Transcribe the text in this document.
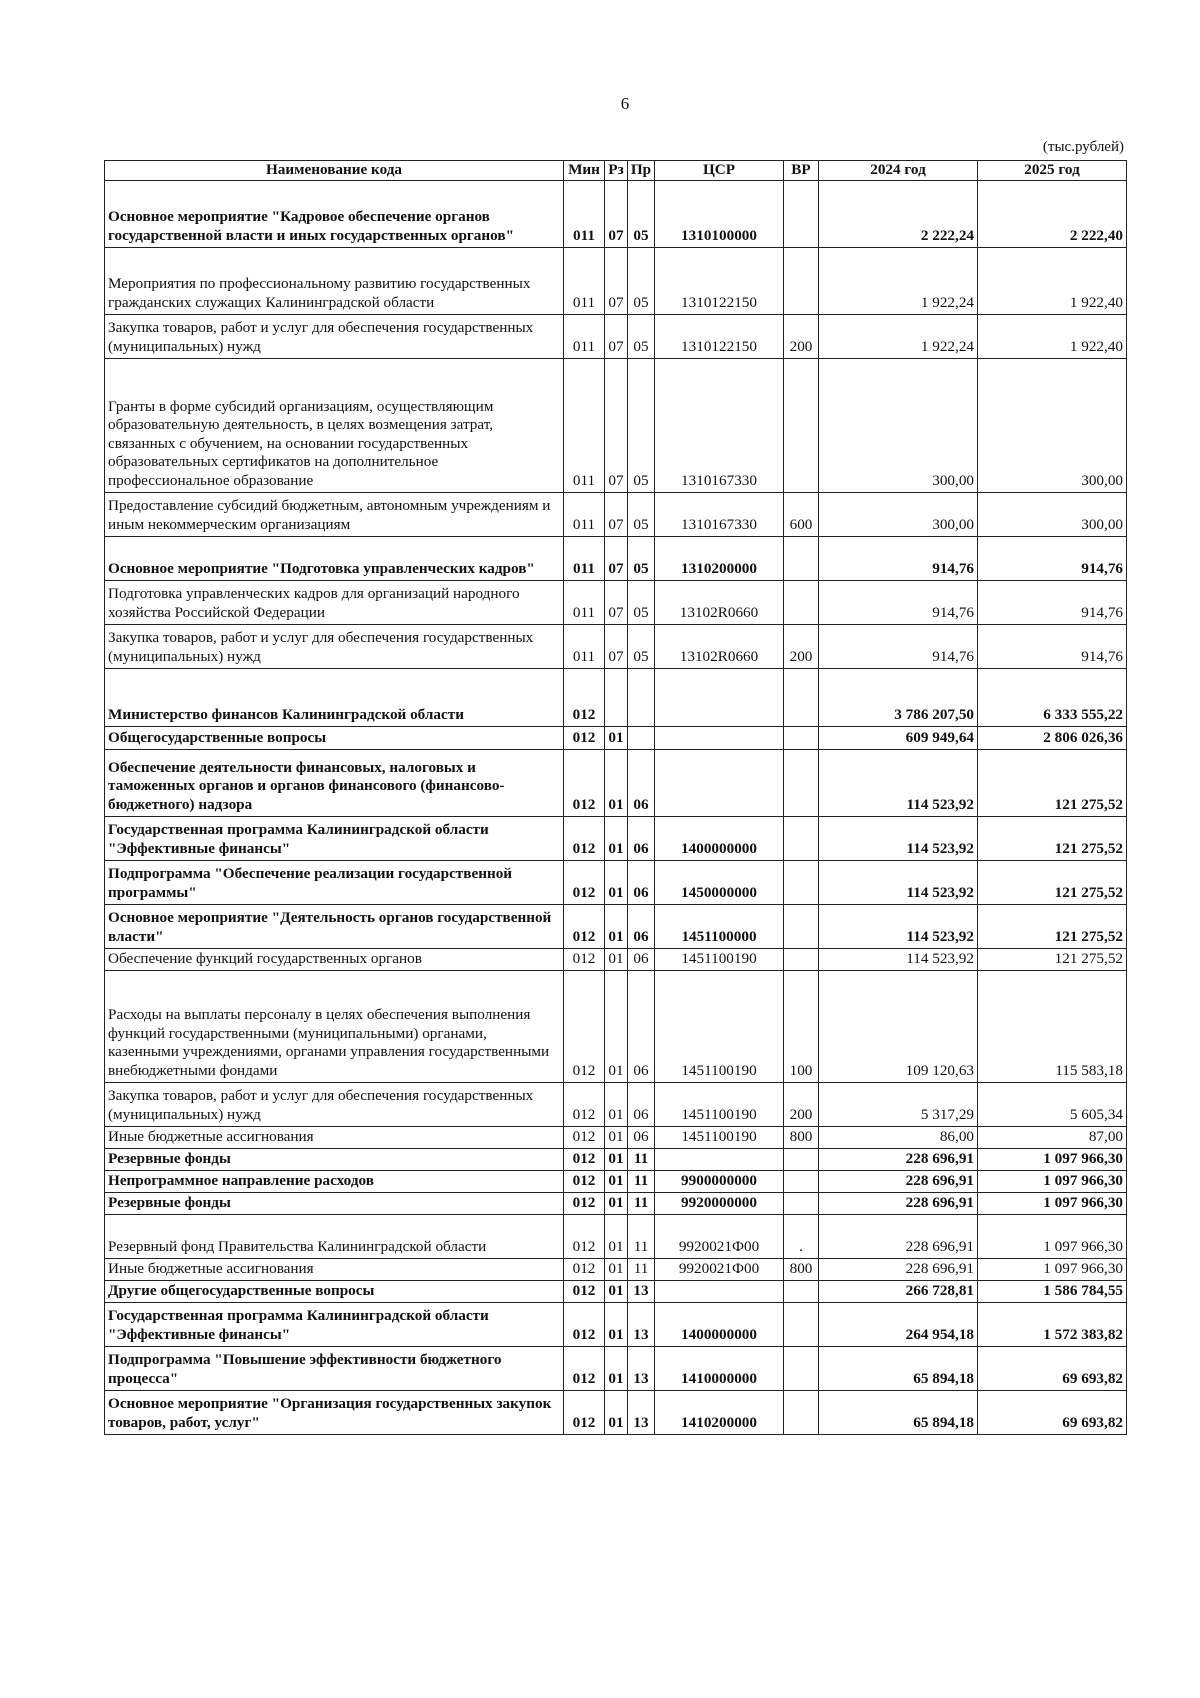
6
(тыс.рублей)
Наименование кода	Мин	Рз	Пр	ЦСР	ВР	2024 год	2025 год
Основное мероприятие "Кадровое обеспечение органов государственной власти и иных государственных органов"	011	07	05	1310100000		2 222,24	2 222,40
Мероприятия по профессиональному развитию государственных гражданских служащих Калининградской области	011	07	05	1310122150		1 922,24	1 922,40
Закупка товаров, работ и услуг для обеспечения государственных (муниципальных) нужд	011	07	05	1310122150	200	1 922,24	1 922,40
Гранты в форме субсидий организациям, осуществляющим образовательную деятельность, в целях возмещения затрат, связанных с обучением, на основании государственных образовательных сертификатов на дополнительное профессиональное образование	011	07	05	1310167330		300,00	300,00
Предоставление субсидий бюджетным, автономным учреждениям и иным некоммерческим организациям	011	07	05	1310167330	600	300,00	300,00
Основное мероприятие "Подготовка управленческих кадров"	011	07	05	1310200000		914,76	914,76
Подготовка управленческих кадров для организаций народного хозяйства Российской Федерации	011	07	05	13102R0660		914,76	914,76
Закупка товаров, работ и услуг для обеспечения государственных (муниципальных) нужд	011	07	05	13102R0660	200	914,76	914,76
Министерство финансов Калининградской области	012					3 786 207,50	6 333 555,22
Общегосударственные вопросы	012	01				609 949,64	2 806 026,36
Обеспечение деятельности финансовых, налоговых и таможенных органов и органов финансового (финансово-бюджетного) надзора	012	01	06			114 523,92	121 275,52
Государственная программа Калининградской области "Эффективные финансы"	012	01	06	1400000000		114 523,92	121 275,52
Подпрограмма "Обеспечение реализации государственной программы"	012	01	06	1450000000		114 523,92	121 275,52
Основное мероприятие "Деятельность органов государственной власти"	012	01	06	1451100000		114 523,92	121 275,52
Обеспечение функций государственных органов	012	01	06	1451100190		114 523,92	121 275,52
Расходы на выплаты персоналу в целях обеспечения выполнения функций государственными (муниципальными) органами, казенными учреждениями, органами управления государственными внебюджетными фондами	012	01	06	1451100190	100	109 120,63	115 583,18
Закупка товаров, работ и услуг для обеспечения государственных (муниципальных) нужд	012	01	06	1451100190	200	5 317,29	5 605,34
Иные бюджетные ассигнования	012	01	06	1451100190	800	86,00	87,00
Резервные фонды	012	01	11			228 696,91	1 097 966,30
Непрограммное направление расходов	012	01	11	9900000000		228 696,91	1 097 966,30
Резервные фонды	012	01	11	9920000000		228 696,91	1 097 966,30
Резервный фонд Правительства Калининградской области	012	01	11	9920021Ф00	.	228 696,91	1 097 966,30
Иные бюджетные ассигнования	012	01	11	9920021Ф00	800	228 696,91	1 097 966,30
Другие общегосударственные вопросы	012	01	13			266 728,81	1 586 784,55
Государственная программа Калининградской области "Эффективные финансы"	012	01	13	1400000000		264 954,18	1 572 383,82
Подпрограмма "Повышение эффективности бюджетного процесса"	012	01	13	1410000000		65 894,18	69 693,82
Основное мероприятие "Организация государственных закупок товаров, работ, услуг"	012	01	13	1410200000		65 894,18	69 693,82
